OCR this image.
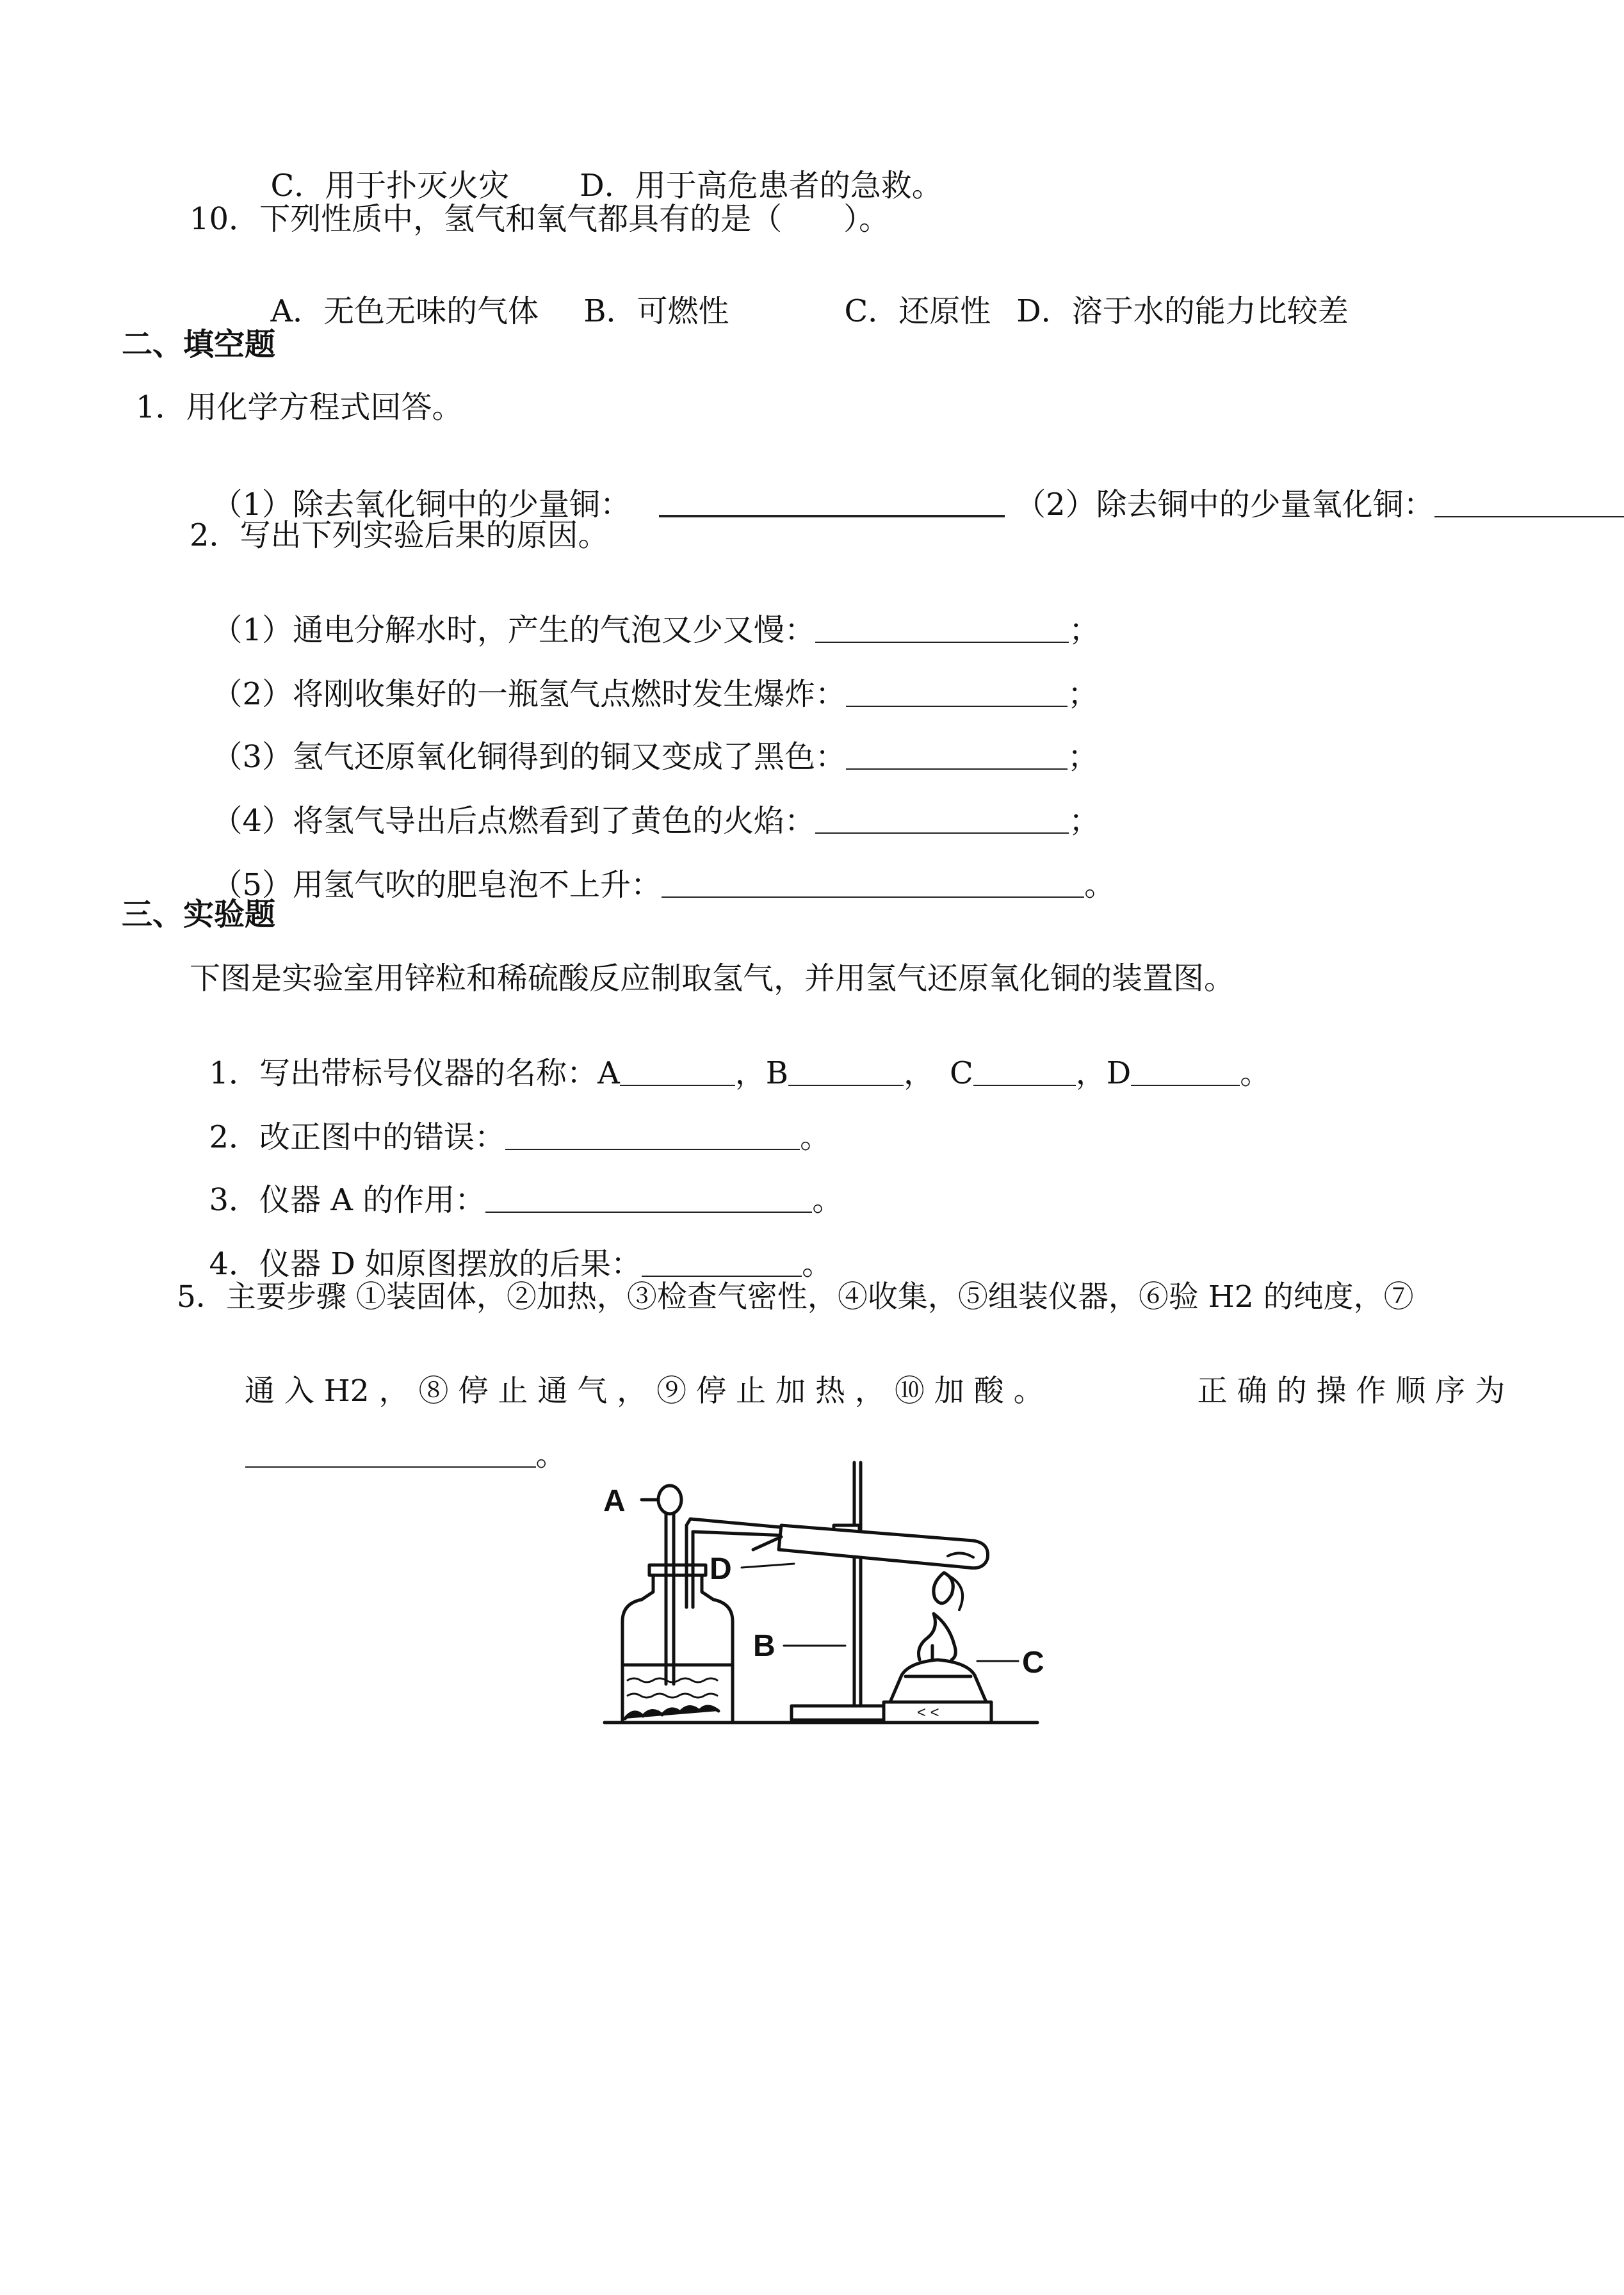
C．用于扑灭火灾 D．用于高危患者的急救。

10．下列性质中，氢气和氧气都具有的是（　　）。

A．无色无味的气体 B．可燃性	C．还原性 D．溶于水的能力比较差

二、填空题
1．用化学方程式回答。

（1）除去氧化铜中的少量铜：	（2）除去铜中的少量氧化铜：

2．写出下列实验后果的原因。

（1）通电分解水时，产生的气泡又少又慢：	；

（2）将刚收集好的一瓶氢气点燃时发生爆炸：	；

（3）氢气还原氧化铜得到的铜又变成了黑色：	；

（4）将氢气导出后点燃看到了黄色的火焰：	；

（5）用氢气吹的肥皂泡不上升：	。

三、实验题
下图是实验室用锌粒和稀硫酸反应制取氢气，并用氢气还原氧化铜的装置图。

1．写出带标号仪器的名称：A	，B	，　C	，D	。

2．改正图中的错误：	。

3．仪器 A 的作用：	。

4．仪器 D 如原图摆放的后果：	。

5．主要步骤 ①装固体，②加热，③检查气密性，④收集，⑤组装仪器，⑥验 H2 的纯度，⑦

通 入 H2 ， ⑧ 停 止 通 气 ， ⑨ 停 止 加 热 ， ⑩ 加 酸 。	正 确 的 操 作 顺 序 为

。

A
D
B	C
< <
